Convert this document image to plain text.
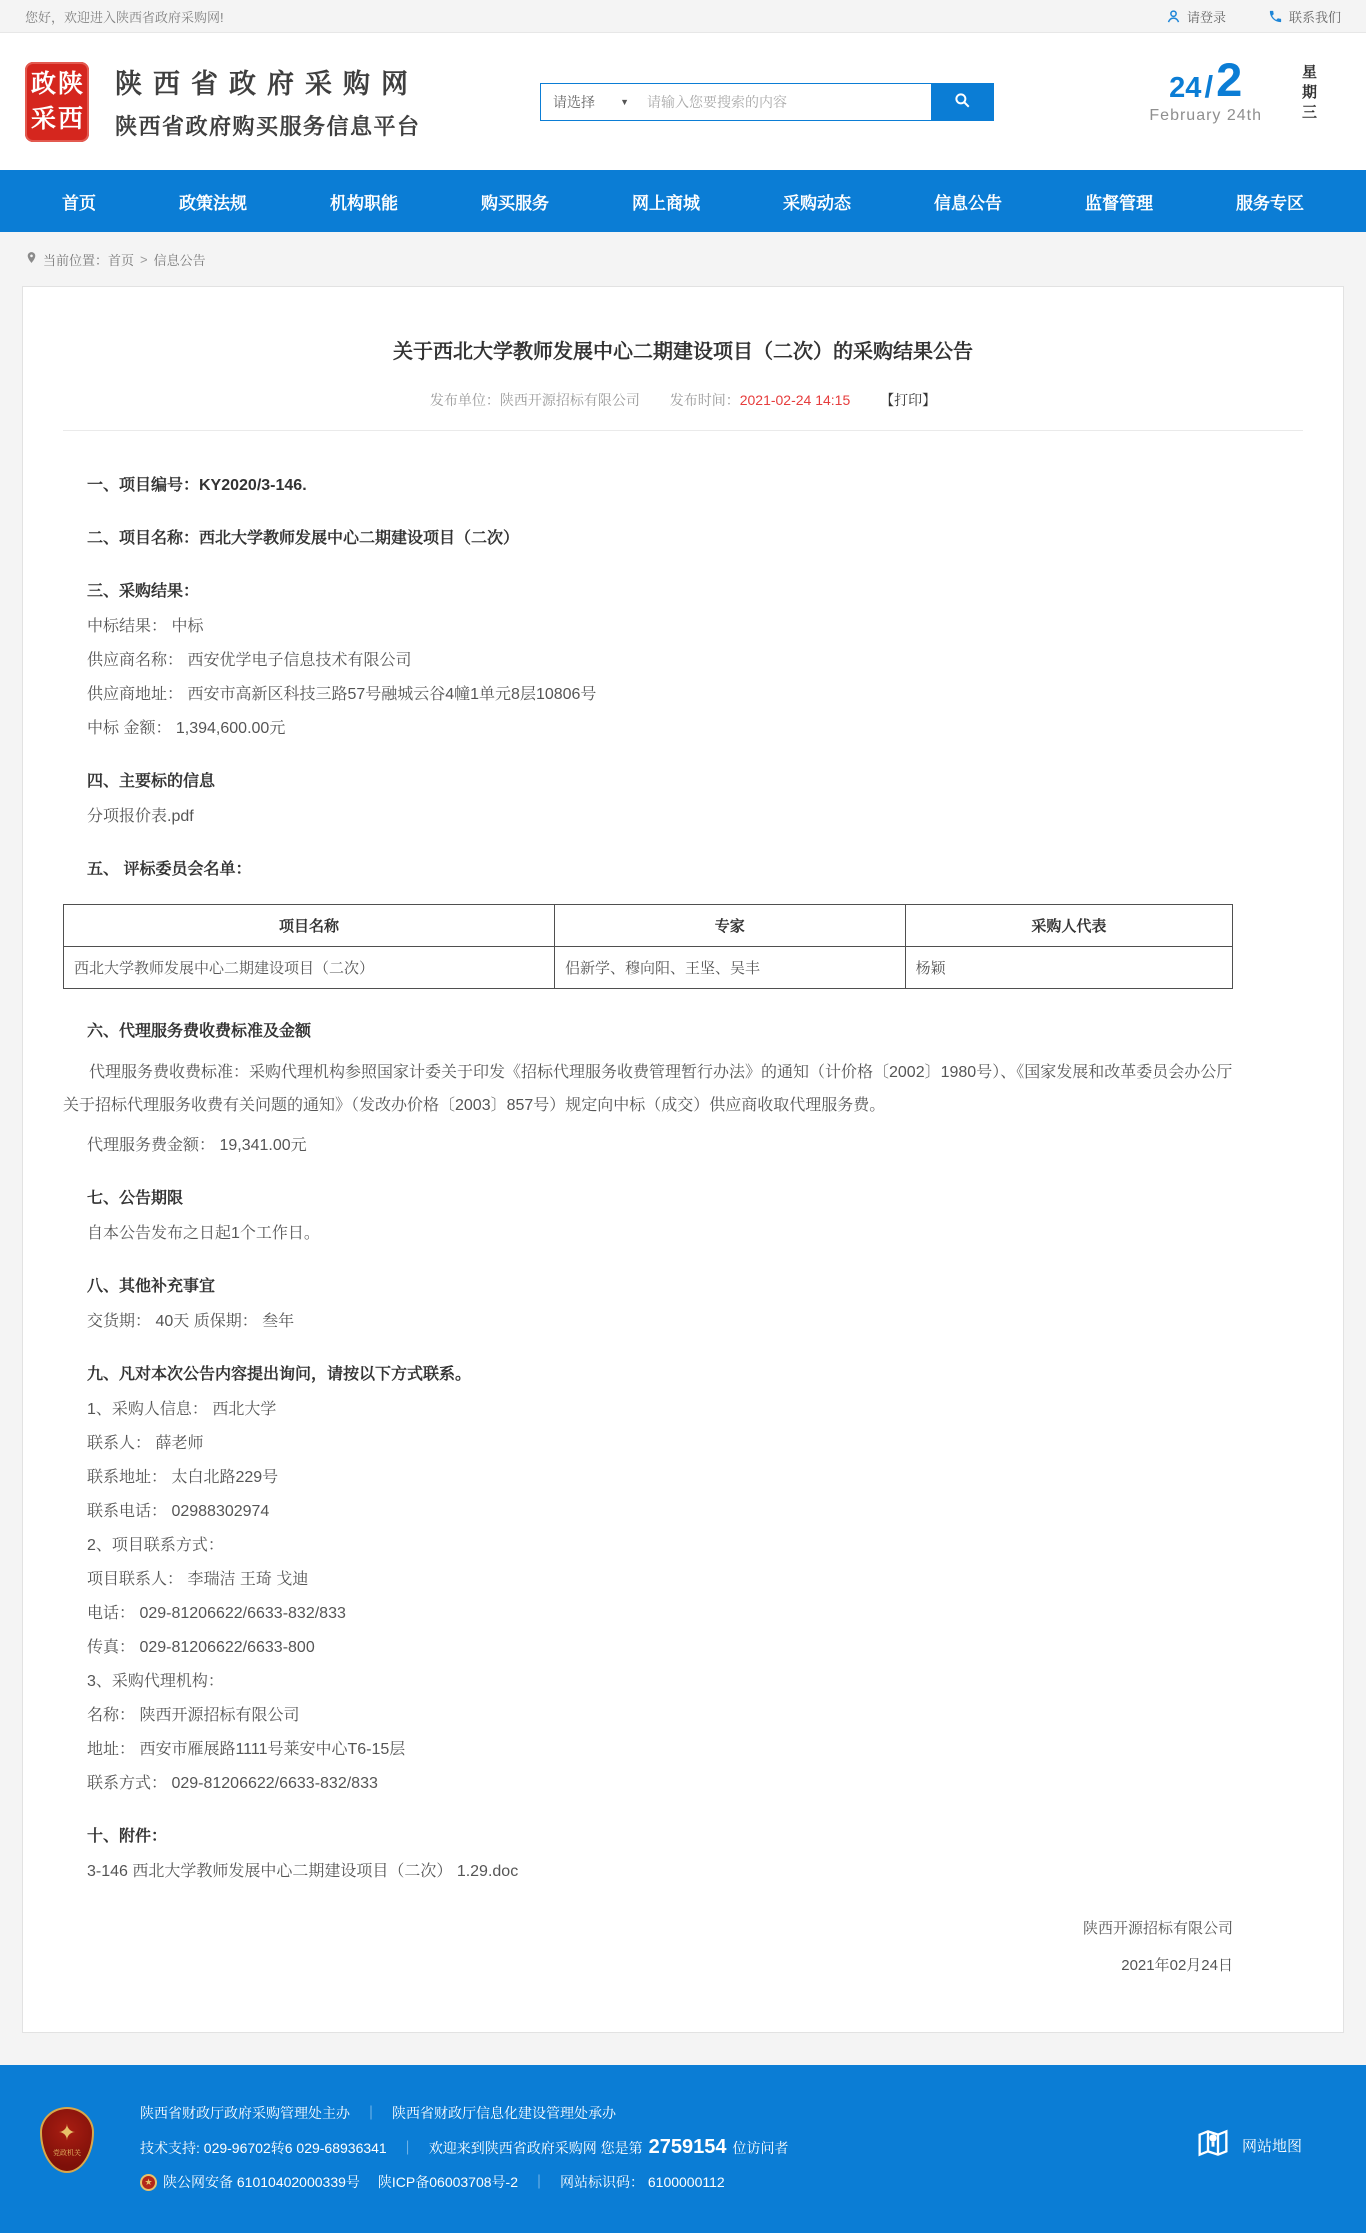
您好，欢迎进入陕西省政府采购网!	请登录	联系我们
政 陕
采 西
陕西省政府采购网
陕西省政府购买服务信息平台
请选择	▼
请输入您要搜索的内容	24 / 2
February 24th
星期三
首页	政策法规	机构职能	购买服务	网上商城	采购动态	信息公告	监督管理	服务专区
当前位置： 首页 > 信息公告
关于西北大学教师发展中心二期建设项目（二次）的采购结果公告
发布单位：陕西开源招标有限公司 发布时间：2021-02-24 14:15 【打印】

一、项目编号：KY2020/3-146.

二、项目名称：西北大学教师发展中心二期建设项目（二次）

三、采购结果：

中标结果： 中标

供应商名称： 西安优学电子信息技术有限公司

供应商地址： 西安市高新区科技三路57号融城云谷4幢1单元8层10806号

中标 金额： 1,394,600.00元

四、主要标的信息

分项报价表.pdf

五、 评标委员会名单：

项目名称	专家	采购人代表
西北大学教师发展中心二期建设项目（二次）	侣新学、穆向阳、王坚、吴丰	杨颖

六、代理服务费收费标准及金额

代理服务费收费标准：采购代理机构参照国家计委关于印发《招标代理服务收费管理暂行办法》的通知（计价格〔2002〕1980号）、《国家发展和改革委员会办公厅关于招标代理服务收费有关问题的通知》（发改办价格〔2003〕857号）规定向中标（成交）供应商收取代理服务费。

代理服务费金额： 19,341.00元

七、公告期限

自本公告发布之日起1个工作日。

八、其他补充事宜

交货期： 40天 质保期： 叁年

九、凡对本次公告内容提出询问，请按以下方式联系。

1、采购人信息： 西北大学

联系人： 薛老师

联系地址： 太白北路229号

联系电话： 02988302974

2、项目联系方式：

项目联系人： 李瑞洁 王琦 戈迪

电话： 029-81206622/6633-832/833

传真： 029-81206622/6633-800

3、采购代理机构：

名称： 陕西开源招标有限公司

地址： 西安市雁展路1111号莱安中心T6-15层

联系方式： 029-81206622/6633-832/833

十、附件：

3-146 西北大学教师发展中心二期建设项目（二次） 1.29.doc

陕西开源招标有限公司

2021年02月24日

✦
党政机关
陕西省财政厅政府采购管理处主办 ｜ 陕西省财政厅信息化建设管理处承办
技术支持: 029-96702转6 029-68936341 ｜ 欢迎来到陕西省政府采购网 您是第 2759154 位访问者
★ 陕公网安备 61010402000339号 陕ICP备06003708号-2 ｜ 网站标识码： 6100000112
网站地图
